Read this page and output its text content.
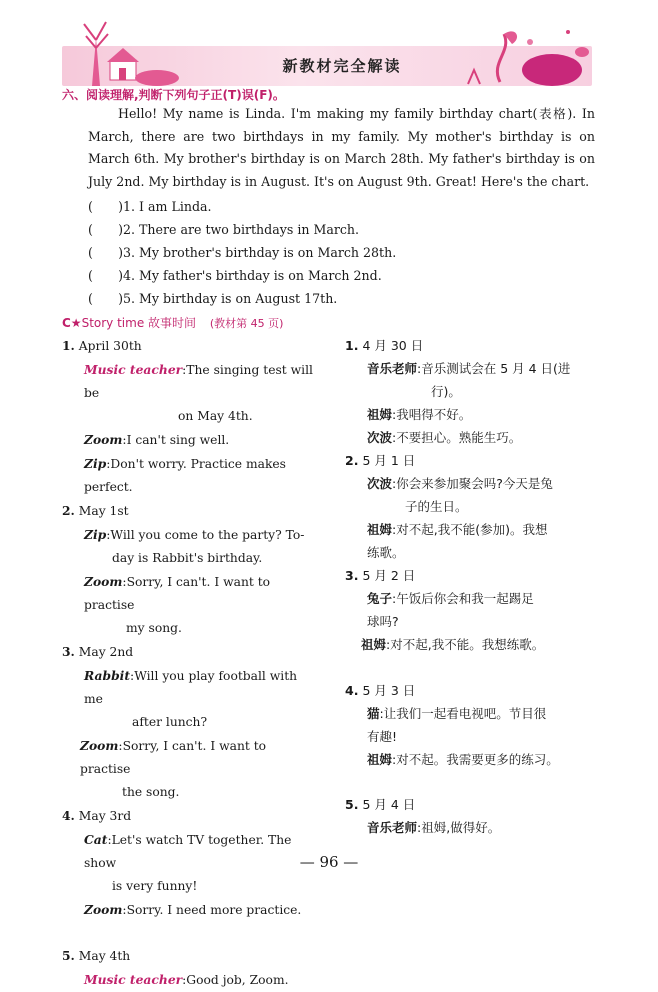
新教材完全解读
六、阅读理解,判断下列句子正(T)误(F)。
Hello! My name is Linda. I'm making my family birthday chart(表格). In March, there are two birthdays in my family. My mother's birthday is on March 6th. My brother's birthday is on March 28th. My father's birthday is on July 2nd. My birthday is in August. It's on August 9th. Great! Here's the chart.
(　　)1. I am Linda.
(　　)2. There are two birthdays in March.
(　　)3. My brother's birthday is on March 28th.
(　　)4. My father's birthday is on March 2nd.
(　　)5. My birthday is on August 17th.
C★Story time 故事时间 (教材第 45 页)
1. April 30th
Music teacher:The singing test will be
on May 4th.
Zoom:I can't sing well.
Zip:Don't worry. Practice makes perfect.
2. May 1st
Zip:Will you come to the party? To-
day is Rabbit's birthday.
Zoom:Sorry, I can't. I want to practise
my song.
3. May 2nd
Rabbit:Will you play football with me
after lunch?
Zoom:Sorry, I can't. I want to practise
the song.
4. May 3rd
Cat:Let's watch TV together. The show
is very funny!
Zoom:Sorry. I need more practice.
5. May 4th
Music teacher:Good job, Zoom.
1. 4 月 30 日
音乐老师:音乐测试会在 5 月 4 日(进
行)。
祖姆:我唱得不好。
次波:不要担心。熟能生巧。
2. 5 月 1 日
次波:你会来参加聚会吗?今天是兔
子的生日。
祖姆:对不起,我不能(参加)。我想
练歌。
3. 5 月 2 日
兔子:午饭后你会和我一起踢足
球吗?
祖姆:对不起,我不能。我想练歌。
4. 5 月 3 日
猫:让我们一起看电视吧。节目很
有趣!
祖姆:对不起。我需要更多的练习。
5. 5 月 4 日
音乐老师:祖姆,做得好。
— 96 —
